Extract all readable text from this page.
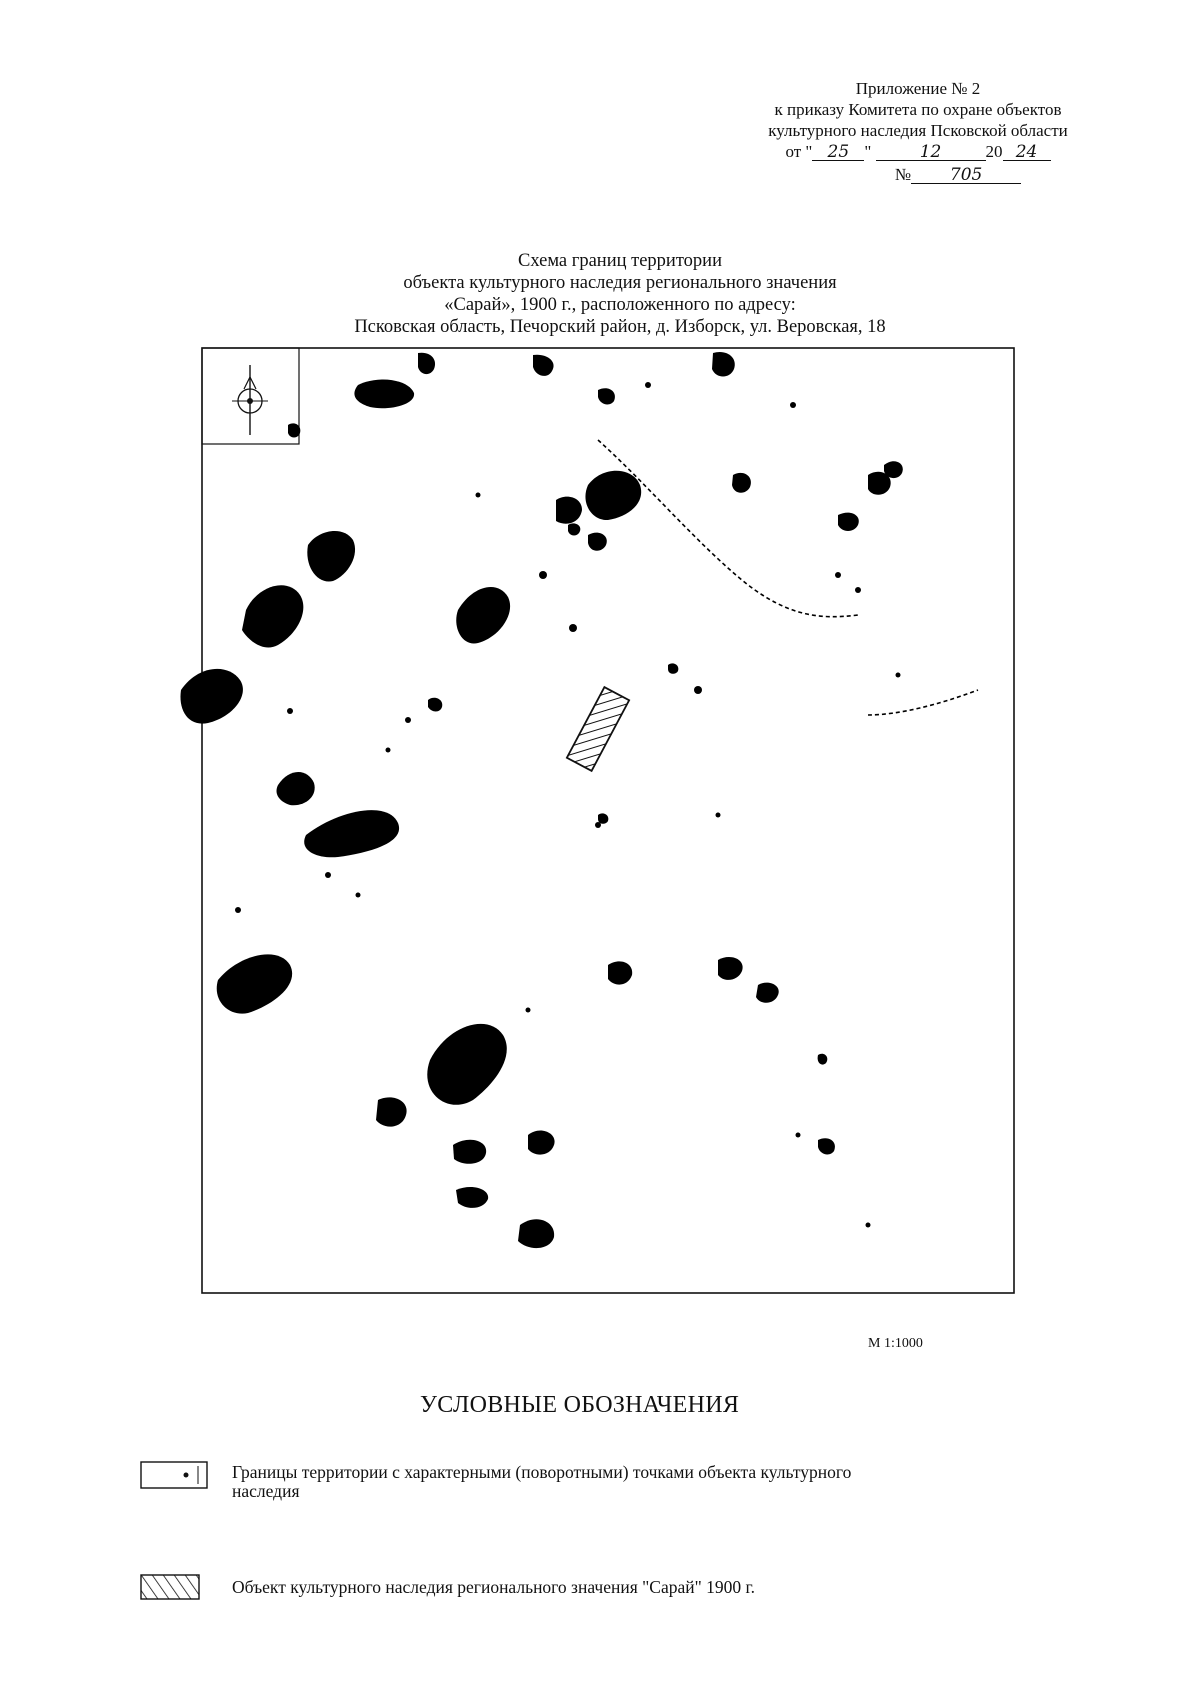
Приложение № 2
к приказу Комитета по охране объектов
культурного наследия Псковской области
от " 25 "	12	20 24
№ 705
Схема границ территории
объекта культурного наследия регионального значения
«Сарай», 1900 г., расположенного по адресу:
Псковская область, Печорский район, д. Изборск, ул. Веровская, 18
М 1:1000
УСЛОВНЫЕ ОБОЗНАЧЕНИЯ
Границы территории с характерными (поворотными) точками объекта культурного
наследия
Объект культурного наследия регионального значения "Сарай" 1900 г.
